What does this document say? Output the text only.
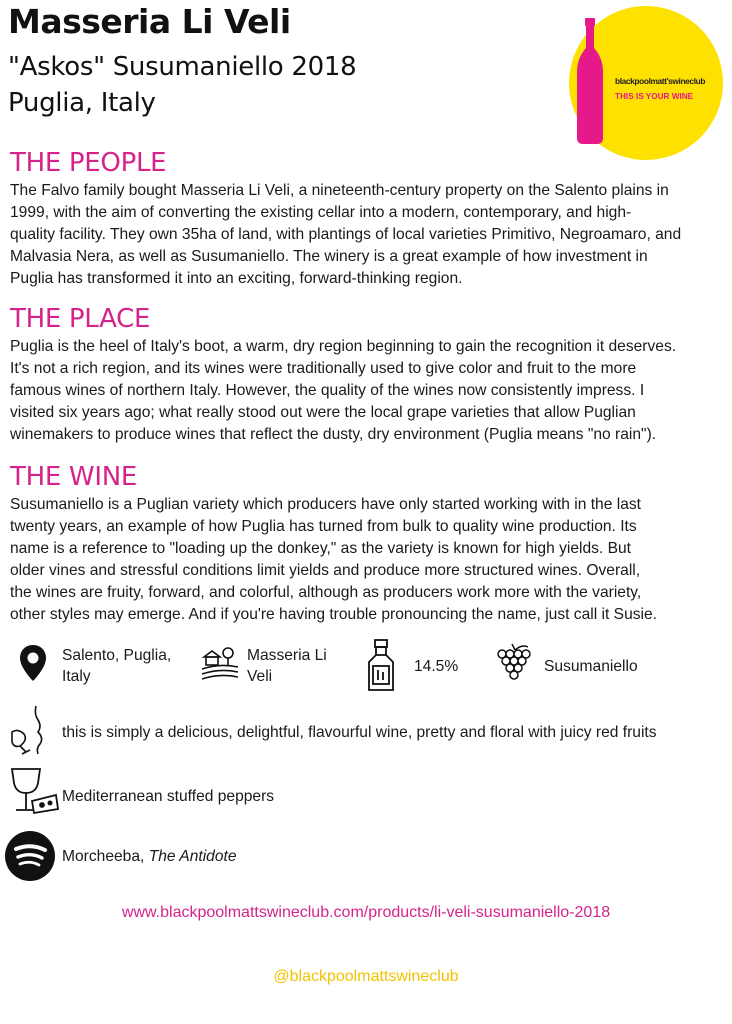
Masseria Li Veli
"Askos" Susumaniello 2018
Puglia, Italy
blackpoolmatt'swineclub
THIS IS YOUR WINE
THE PEOPLE
The Falvo family bought Masseria Li Veli, a nineteenth-century property on the Salento plains in
1999, with the aim of converting the existing cellar into a modern, contemporary, and high-
quality facility. They own 35ha of land, with plantings of local varieties Primitivo, Negroamaro, and
Malvasia Nera, as well as Susumaniello. The winery is a great example of how investment in
Puglia has transformed it into an exciting, forward-thinking region.
THE PLACE
Puglia is the heel of Italy's boot, a warm, dry region beginning to gain the recognition it deserves.
It's not a rich region, and its wines were traditionally used to give color and fruit to the more
famous wines of northern Italy. However, the quality of the wines now consistently impress. I
visited six years ago; what really stood out were the local grape varieties that allow Puglian
winemakers to produce wines that reflect the dusty, dry environment (Puglia means "no rain").
THE WINE
Susumaniello is a Puglian variety which producers have only started working with in the last
twenty years, an example of how Puglia has turned from bulk to quality wine production. Its
name is a reference to "loading up the donkey," as the variety is known for high yields. But
older vines and stressful conditions limit yields and produce more structured wines. Overall,
the wines are fruity, forward, and colorful, although as producers work more with the variety,
other styles may emerge. And if you're having trouble pronouncing the name, just call it Susie.
Salento, Puglia,
Italy
Masseria Li
Veli
14.5%	Susumaniello
this is simply a delicious, delightful, flavourful wine, pretty and floral with juicy red fruits
Mediterranean stuffed peppers
Morcheeba, The Antidote
www.blackpoolmattswineclub.com/products/li-veli-susumaniello-2018
@blackpoolmattswineclub
